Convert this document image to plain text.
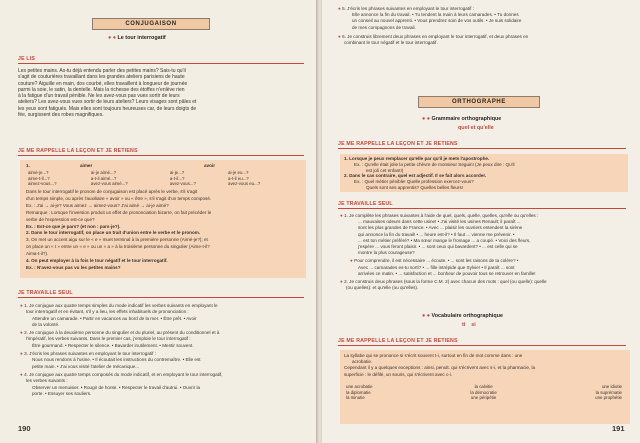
CONJUGAISON
● ● Le tour interrogatif
JE LIS
Les petites mains. As-tu déjà entendu parler des petites mains? Sais-tu qu'il
s'agit de couturières travaillant dans les grandes ateliers parisiens de haute
couture? Aiguille en main, dos courbé, elles travaillent à longueur de journée
parmi la soie, le satin, la dentelle. Mais la richesse des étoffes n'enlève rien
à la fatigue d'un travail pénible. Ne les avez-vous pas vues sortir de leurs
ateliers? Les avez-vous vues sortir de leurs ateliers? Leurs visages sont pâles et
les yeux sont fatigués. Mais elles sont toujours heureuses car, de leurs doigts de
fée, surgissent des robes magnifiques.
JE ME RAPPELLE LA LEÇON ET JE RETIENS
1.	aimer	avoir
aimé-je...?	ai-je aimé...?	ai-je...?	ai-je eu...?
aime-t-il...?	a-t-il aimé...?	a-t-il...?	a-t-il eu...?
aimez-vous...?	avez-vous aimé...?	avez-vous...?	avez-vous eu...?
Dans le tour interrogatif le pronom de conjugaison est placé après le verbe, s'il s'agit
d'un temps simple, ou après l'auxiliaire « avoir » ou « être », s'il s'agit d'un temps composé.
Ex. : J'ai → ai-je? Vous aimez → aimez-vous? J'ai aimé → ai-je aimé?
Remarque : Lorsque l'inversion produit un effet de prononciation bizarre, on fait précéder le
verbe de l'expression est-ce que?
Ex. : Est-ce que je pars? (et non : pars-je?).
2. Dans le tour interrogatif, on place un trait d'union entre le verbe et le pronom.
3. On met un accent aigu sur le « e » muet terminal à la première personne (Aimé-je?); et
on place un « t » entre un « e » ou un « a » à la troisième personne du singulier (Aime-t-il?
Aima-t-il?).
4. On peut employer à la fois le tour négatif et le tour interrogatif.
Ex. : N'avez-vous pas vu les petites mains?
JE TRAVAILLE SEUL
● 1. Je conjugue aux quatre temps simples du mode indicatif les verbes suivants en employant le
tour interrogatif et en évitant, s'il y a lieu, les effets inhabituels de prononciation :
Attendre un camarade. • Partir en vacances au bord de la mer. • Être prêt. • Avoir
de la volonté.
● 2. Je conjugue à la deuxième personne du singulier et du pluriel, au présent du conditionnel et à
l'impératif, les verbes suivants. Dans le premier cas, j'emploie le tour interrogatif :
Être gourmand. • Respecter le silence. • Bavarder inutilement. • Mentir souvent.
● 3. J'écris les phrases suivantes en employant le tour interrogatif :
Nous nous rendons à l'usine. • Il écoutait les instructions du contremaître. • Elle est
petite main. • J'ai vous visité l'atelier de mécanique...
● 4. Je conjugue aux quatre temps composés du mode indicatif, et en employant le tour interrogatif,
les verbes suivants :
Observer un menuisier. • Rougir de honte. • Respecter le travail d'autrui. • Ouvrir la
porte. • Essuyer ses souliers.
190
● 5. J'écris les phrases suivantes en employant le tour interrogatif :
Elle annonce la fin du travail. • Tu tendent la main à leurs camarades. • Tu donnes
un conseil au nouvel apprenti. • Vous prendrez soin de vos outils. • Je suis solidaire
de mes compagnons de travail.
● 6. Je construis librement deux phrases en employant le tour interrogatif, et deux phrases en
combinant le tour négatif et le tour interrogatif.
ORTHOGRAPHE
● ● Grammaire orthographique
quel et qu'elle
JE ME RAPPELLE LA LEÇON ET JE RETIENS
1. Lorsque je peux remplacer qu'elle par qu'il je mets l'apostrophe.
Ex. : Qu'elle était jolie la petite chèvre de monsieur Seguin! (Je peux dire : Qu'il
est joli cet enfant!)
2. Dans le cas contraire, quel est adjectif. Il se fait alors accorder.
Ex. : Quel métier pénible! Quelle profession exercez-vous?
Quels sont ses apprentis? Quelles belles fleurs!
JE TRAVAILLE SEUL
● 1. Je complète les phrases suivantes à l'aide de quel, quels, quelle, quelles, qu'elle ou qu'elles :
... mauvaises odeurs dans cette usine! • J'ai visité les usines Renault; il paraît ...
sont les plus grandes de France. • Avec ... plaisir les ouvriers entendent la sirène
qui annonce la fin du travail! • ... heure est-il? • Il faut ... vienne me prévenir. •
... est ton métier préféré? • Ma sœur mange le fromage ... a coupé. • Voici des fleurs,
j'espère ... vous feront plaisir. • ... sont ceux qui bavardent? • ... est celle qui se
montre la plus courageuse?
● Pour comprendre, il est nécessaire ... écoute. • ... sont les raisons de ta colère? •
Avec ... camarades es-tu sorti? • ... fille intrépide que Sylvie! • Il paraît ... sont
arrivées ce matin. • ... satisfaction et ... bonheur de pouvoir tous se retrouver en famille!
● 2. Je construis deux phrases (sous la forme C.M. 2) avec chacun des mots : quel (ou quelle): quelle
(ou quelles): et qu'elle (ou qu'elles).
● ● Vocabulaire orthographique
ti    si
JE ME RAPPELLE LA LEÇON ET JE RETIENS
La syllabe qui se prononce si s'écrit souvent t-i, surtout en fin de mot comme dans : une
acrobatie.
Cependant il y a quelques exceptions : ainsi, penult. qui s'écrivent avec s-i, et la pharmacie, la
superficie : le défilé, un souris, qui s'écrivent avec c-i.
une acrobatie	la calvitie	une idiotie
la diplomatie	la démocratie	la suprématie
la minutie	une péripétie	une prophétie
191
